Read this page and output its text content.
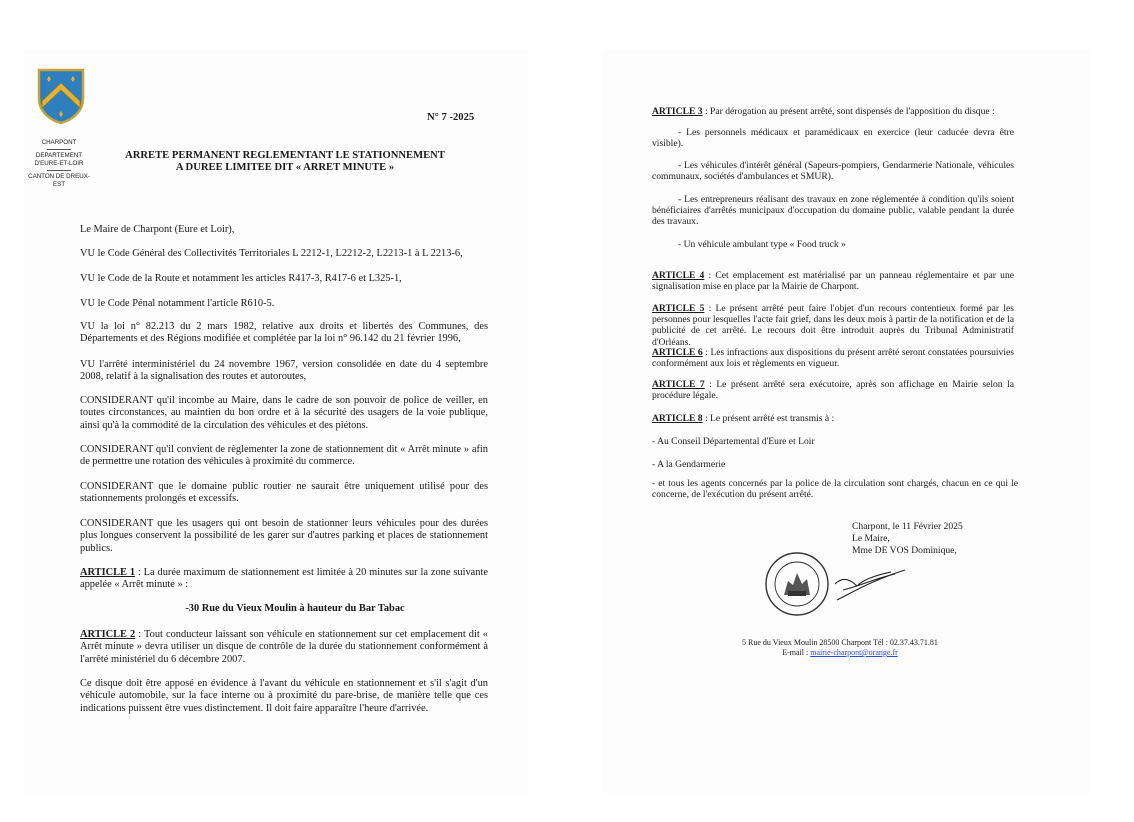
CHARPONT
DEPARTEMENT D'EURE-ET-LOIR
CANTON DE DREUX-EST
N° 7 -2025
ARRETE PERMANENT REGLEMENTANT LE STATIONNEMENT
A DUREE LIMITEE DIT « ARRET MINUTE »

Le Maire de Charpont (Eure et Loir),

VU le Code Général des Collectivités Territoriales L 2212-1, L2212-2, L2213-1 à L 2213-6,

VU le Code de la Route et notamment les articles R417-3, R417-6 et L325-1,

VU le Code Pénal notamment l'article R610-5.

VU la loi n° 82.213 du 2 mars 1982, relative aux droits et libertés des Communes, des Départements et des Régions modifiée et complétée par la loi n° 96.142 du 21 février 1996,

VU l'arrêté interministériel du 24 novembre 1967, version consolidée en date du 4 septembre 2008, relatif à la signalisation des routes et autoroutes,

CONSIDERANT qu'il incombe au Maire, dans le cadre de son pouvoir de police de veiller, en toutes circonstances, au maintien du bon ordre et à la sécurité des usagers de la voie publique, ainsi qu'à la commodité de la circulation des véhicules et des piétons.

CONSIDERANT qu'il convient de règlementer la zone de stationnement dit « Arrêt minute » afin de permettre une rotation des véhicules à proximité du commerce.

CONSIDERANT que le domaine public routier ne saurait être uniquement utilisé pour des stationnements prolongés et excessifs.

CONSIDERANT que les usagers qui ont besoin de stationner leurs véhicules pour des durées plus longues conservent la possibilité de les garer sur d'autres parking et places de stationnement publics.

ARTICLE 1 : La durée maximum de stationnement est limitée à 20 minutes sur la zone suivante appelée « Arrêt minute » :

-30 Rue du Vieux Moulin à hauteur du Bar Tabac

ARTICLE 2 : Tout conducteur laissant son véhicule en stationnement sur cet emplacement dit « Arrêt minute » devra utiliser un disque de contrôle de la durée du stationnement conformément à l'arrêté ministériel du 6 décembre 2007.

Ce disque doit être apposé en évidence à l'avant du véhicule en stationnement et s'il s'agit d'un véhicule automobile, sur la face interne ou à proximité du pare-brise, de manière telle que ces indications puissent être vues distinctement. Il doit faire apparaître l'heure d'arrivée.

ARTICLE 3 : Par dérogation au présent arrêté, sont dispensés de l'apposition du disque :

- Les personnels médicaux et paramédicaux en exercice (leur caducée devra être visible).

- Les véhicules d'intérêt général (Sapeurs-pompiers, Gendarmerie Nationale, véhicules communaux, sociétés d'ambulances et SMUR).

- Les entrepreneurs réalisant des travaux en zone réglementée à condition qu'ils soient bénéficiaires d'arrêtés municipaux d'occupation du domaine public, valable pendant la durée des travaux.

- Un véhicule ambulant type « Food truck »

ARTICLE 4 : Cet emplacement est matérialisé par un panneau réglementaire et par une signalisation mise en place par la Mairie de Charpont.

ARTICLE 5 : Le présent arrêté peut faire l'objet d'un recours contentieux formé par les personnes pour lesquelles l'acte fait grief, dans les deux mois à partir de la notification et de la publicité de cet arrêté. Le recours doit être introduit auprès du Tribunal Administratif d'Orléans.

ARTICLE 6 : Les infractions aux dispositions du présent arrêté seront constatées poursuivies conformément aux lois et règlements en vigueur.

ARTICLE 7 : Le présent arrêté sera exécutoire, après son affichage en Mairie selon la procédure légale.

ARTICLE 8 : Le présent arrêté est transmis à :

- Au Conseil Départemental d'Eure et Loir

- A la Gendarmerie

- et tous les agents concernés par la police de la circulation sont chargés, chacun en ce qui le concerne, de l'exécution du présent arrêté.

Charpont, le 11 Février 2025

Le Maire,

Mme DE VOS Dominique,

5 Rue du Vieux Moulin 28500 Charpont Tél : 02.37.43.71.81
E-mail : mairie-charpont@orange.fr
